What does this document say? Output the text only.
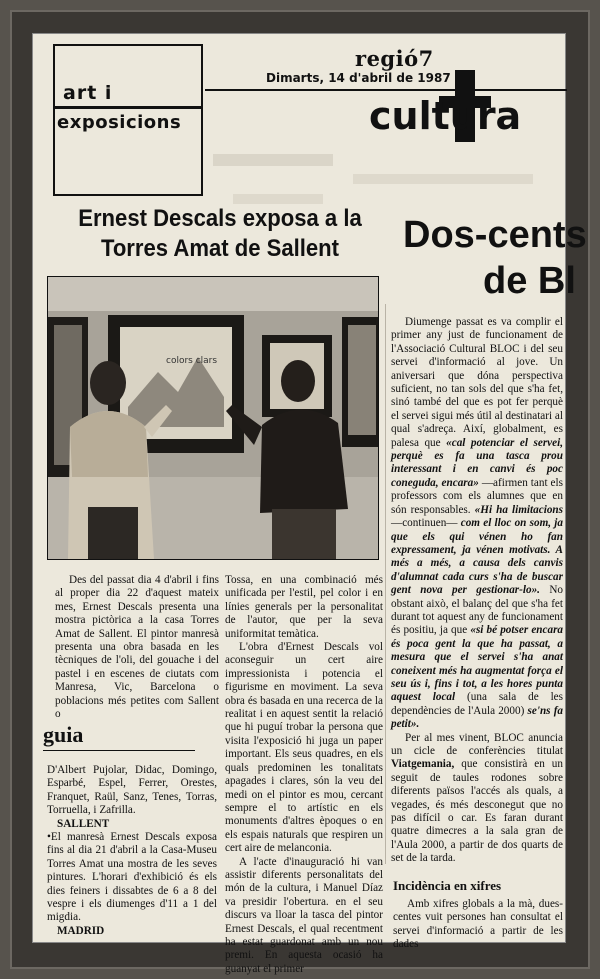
art i
exposicions
regió7
Dimarts, 14 d'abril de 1987
cultura
Ernest Descals exposa a la Torres Amat de Sallent	Dos-cents
de Bl
colors clars

Des del passat dia 4 d'abril i fins al proper dia 22 d'aquest mateix mes, Ernest Descals presenta una mostra pictòrica a la casa Torres Amat de Sallent. El pintor manresà presenta una obra basada en les tècniques de l'oli, del gouache i del pastel i en escenes de ciutats com Manresa, Vic, Barcelona o poblacions més petites com Sallent o

Tossa, en una combinació més unificada per l'estil, pel color i en línies generals per la personalitat de l'autor, que per la seva uniformitat temàtica.

L'obra d'Ernest Descals vol aconseguir un cert aire impressionista i potencia el figurisme en moviment. La seva obra és basada en una recerca de la realitat i en aquest sentit la relació que hi puguí trobar la persona que visita l'exposició hi juga un paper important. Els seus quadres, en els quals predominen les tonalitats apagades i clares, són la veu del medi on el pintor es mou, cercant sempre el to artístic en els monuments d'altres èpoques o en els espais naturals que respiren un cert aire de melanconia.

A l'acte d'inauguració hi van assistir diferents personalitats del món de la cultura, i Manuel Díaz va presidir l'obertura. en el seu discurs va lloar la tasca del pintor Ernest Descals, el qual recentment ha estat guardonat amb un nou premi. En aquesta ocasió ha guanyat el primer

guia

D'Albert Pujolar, Didac, Domingo, Esparbé, Espel, Ferrer, Orestes, Franquet, Raül, Sanz, Tenes, Torras, Torruella, i Zafrilla.

SALLENT

•El manresà Ernest Descals exposa fins al dia 21 d'abril a la Casa-Museu Torres Amat una mostra de les seves pintures. L'horari d'exhibició és els dies feiners i dissabtes de 6 a 8 del vespre i els diumenges d'11 a 1 del migdia.

MADRID

Diumenge passat es va complir el primer any just de funcionament de l'Associació Cultural BLOC i del seu servei d'informació al jove. Un aniversari que dóna perspectiva suficient, no tan sols del que s'ha fet, sinó també del que es pot fer perquè el servei sigui més útil al destinatari al qual s'adreça. Així, globalment, es palesa que «cal potenciar el servei, perquè es fa una tasca prou interessant i en canvi és poc coneguda, encara» —afirmen tant els professors com els alumnes que en són responsables. «Hi ha limitacions —continuen— com el lloc on som, ja que els qui vénen ho fan expressament, ja vénen motivats. A més a més, a causa dels canvis d'alumnat cada curs s'ha de buscar gent nova per gestionar-lo». No obstant això, el balanç del que s'ha fet durant tot aquest any de funcionament és positiu, ja que «si bé potser encara és poca gent la que ha passat, a mesura que el servei s'ha anat coneixent més ha augmentat força el seu ús i, fins i tot, a les hores punta aquest local (una sala de les dependències de l'Aula 2000) se'ns fa petit».

Per al mes vinent, BLOC anuncia un cicle de conferències titulat Viatgemania, que consistirà en un seguit de taules rodones sobre diferents països l'accés als quals, a vegades, és més desconegut que no pas difícil o car. Es faran durant quatre dimecres a la sala gran de l'Aula 2000, a partir de dos quarts de set de la tarda.

Incidència en xifres

Amb xifres globals a la mà, dues-centes vuit persones han consultat el servei d'informació a partir de les dades
